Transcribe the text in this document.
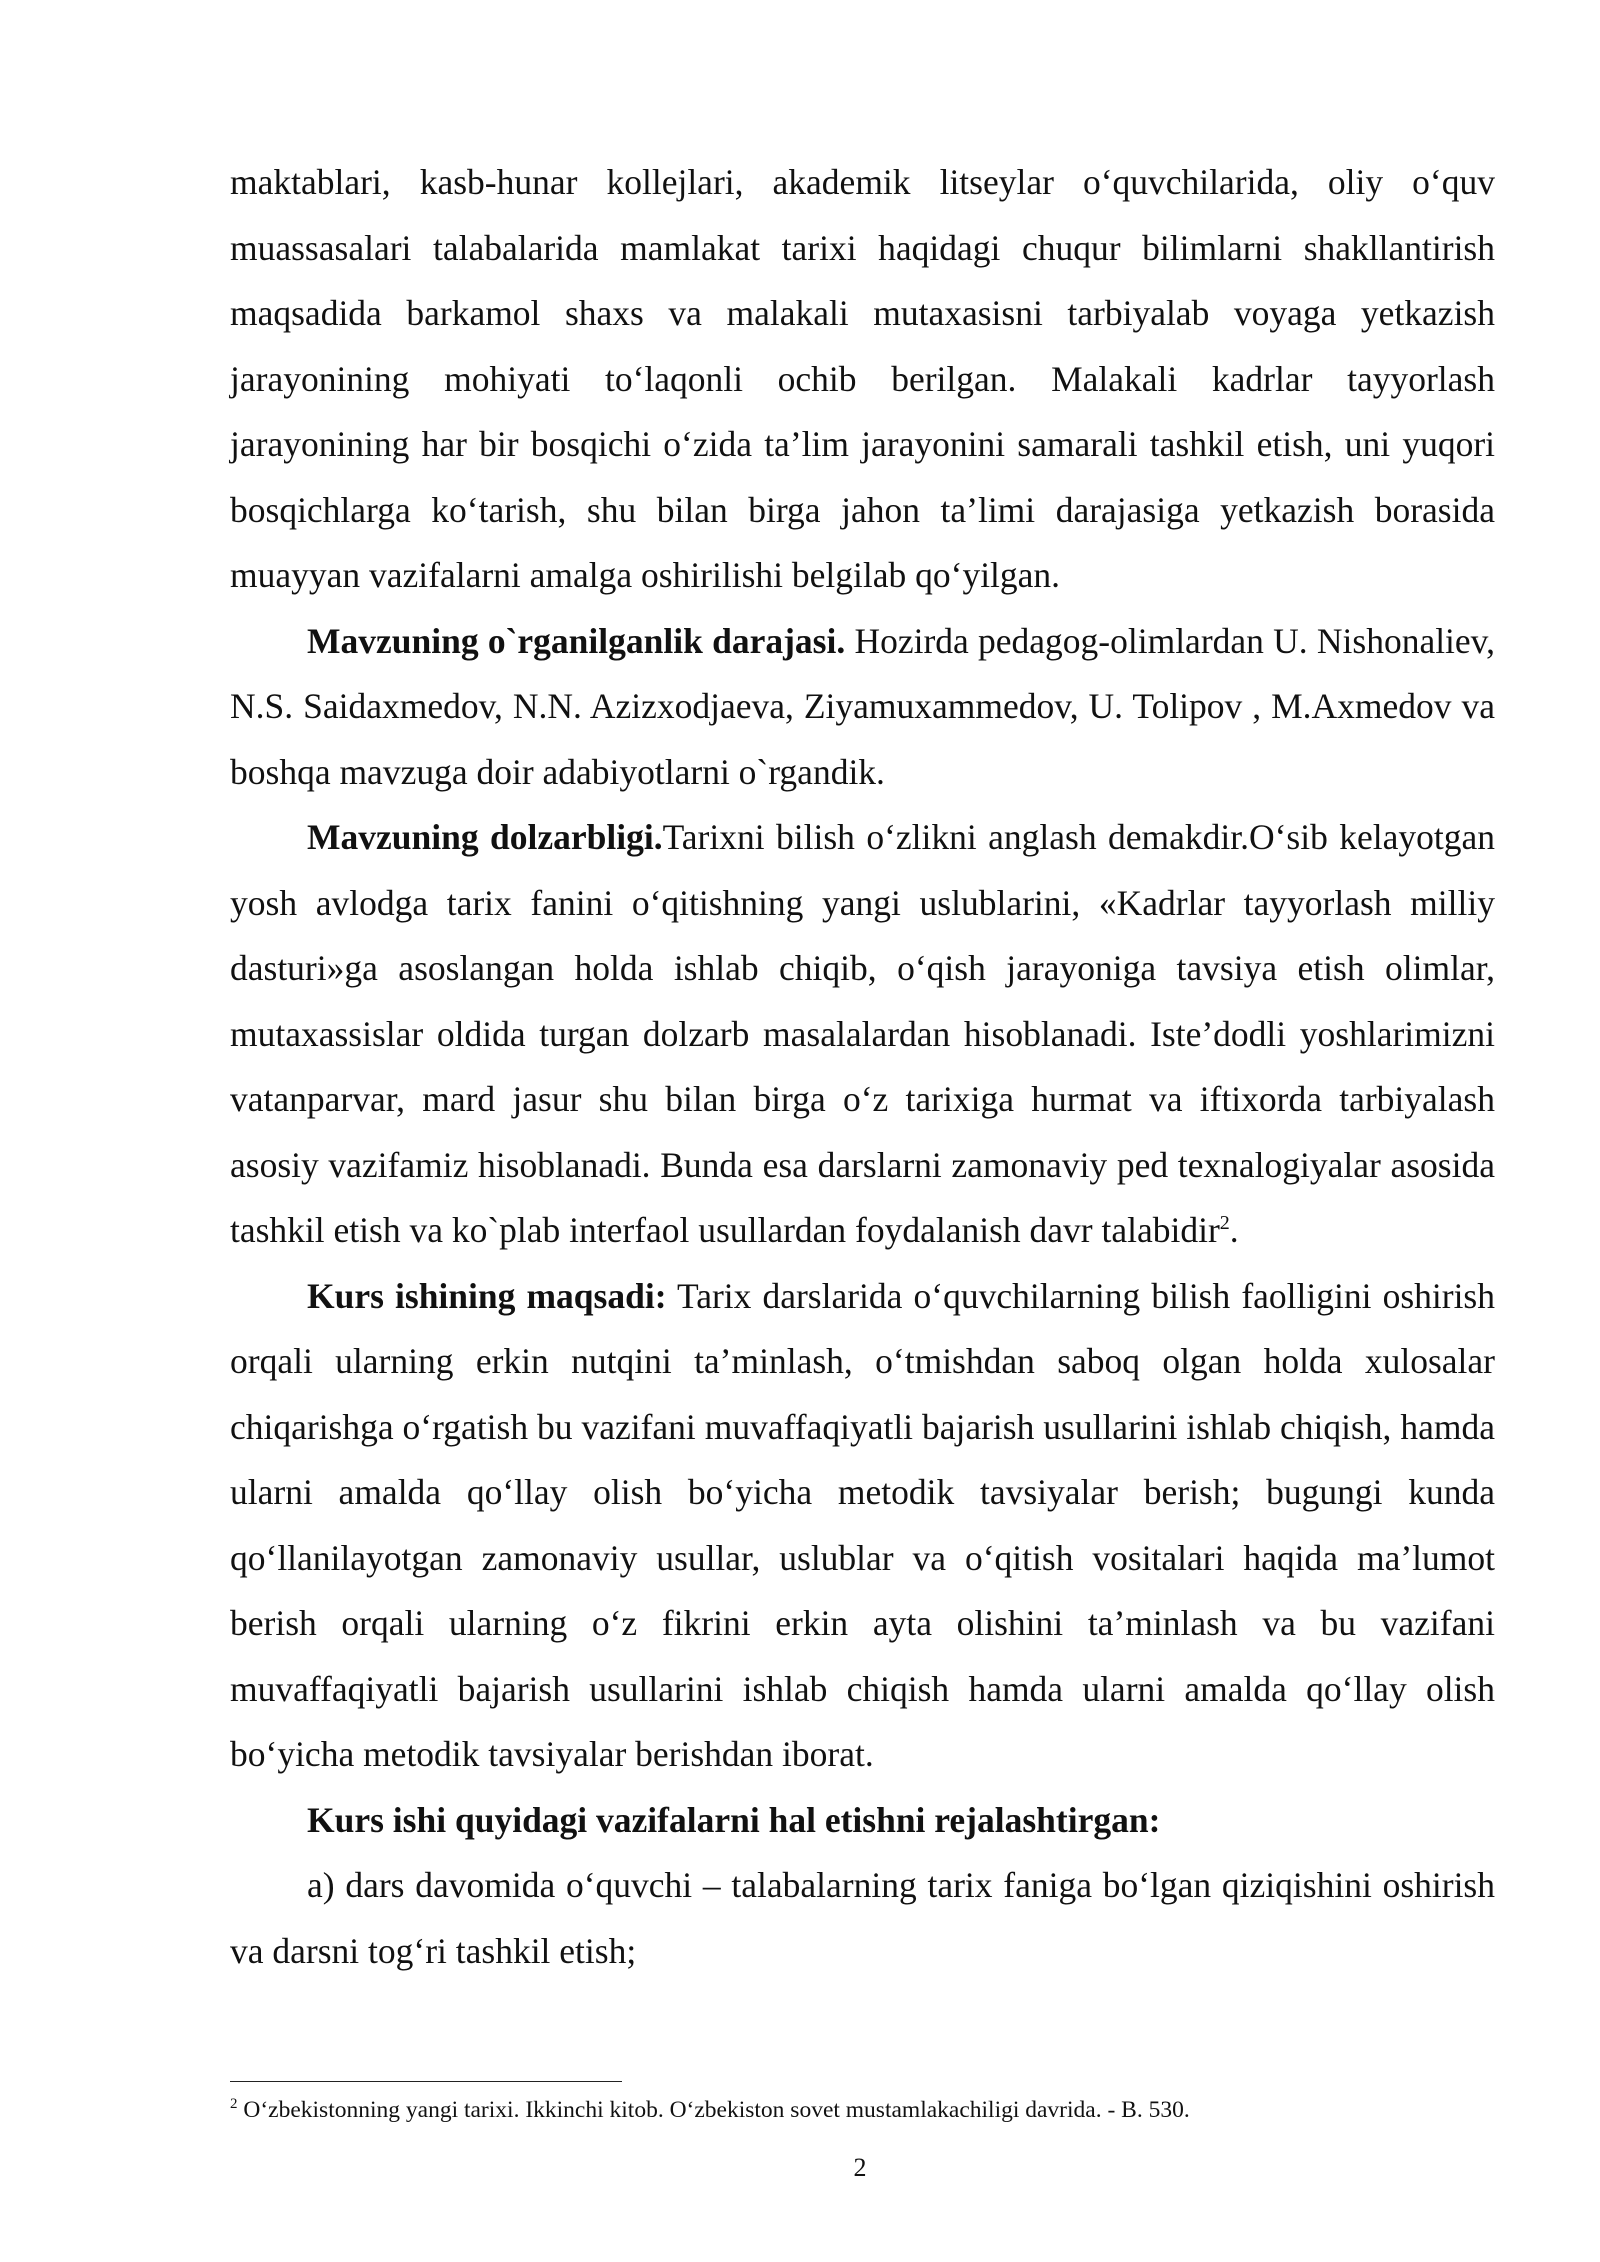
maktablari, kasb-hunar kollejlari, akademik litseylar o‘quvchilarida, oliy o‘quv muassasalari talabalarida mamlakat tarixi haqidagi chuqur bilimlarni shakllantirish maqsadida barkamol shaxs va malakali mutaxasisni tarbiyalab voyaga yetkazish jarayonining mohiyati to‘laqonli ochib berilgan. Malakali kadrlar tayyorlash jarayonining har bir bosqichi o‘zida ta’lim jarayonini samarali tashkil etish, uni yuqori bosqichlarga ko‘tarish, shu bilan birga jahon ta’limi darajasiga yetkazish borasida muayyan vazifalarni amalga oshirilishi belgilab qo‘yilgan.

Mavzuning o`rganilganlik darajasi. Hozirda pedagog-olimlardan U. Nishonaliev, N.S. Saidaxmedov, N.N. Azizxodjaeva, Ziyamuxammedov, U. Tolipov , M.Axmedov va boshqa mavzuga doir adabiyotlarni o`rgandik.

Mavzuning dolzarbligi.Tarixni bilish o‘zlikni anglash demakdir.O‘sib kelayotgan yosh avlodga tarix fanini o‘qitishning yangi uslublarini, «Kadrlar tayyorlash milliy dasturi»ga asoslangan holda ishlab chiqib, o‘qish jarayoniga tavsiya etish olimlar, mutaxassislar oldida turgan dolzarb masalalardan hisoblanadi. Iste’dodli yoshlarimizni vatanparvar, mard jasur shu bilan birga o‘z tarixiga hurmat va iftixorda tarbiyalash asosiy vazifamiz hisoblanadi. Bunda esa darslarni zamonaviy ped texnalogiyalar asosida tashkil etish va ko`plab interfaol usullardan foydalanish davr talabidir$^2$.

Kurs ishining maqsadi: Tarix darslarida o‘quvchilarning bilish faolligini oshirish orqali ularning erkin nutqini ta’minlash, o‘tmishdan saboq olgan holda xulosalar chiqarishga o‘rgatish bu vazifani muvaffaqiyatli bajarish usullarini ishlab chiqish, hamda ularni amalda qo‘llay olish bo‘yicha metodik tavsiyalar berish; bugungi kunda qo‘llanilayotgan zamonaviy usullar, uslublar va o‘qitish vositalari haqida ma’lumot berish orqali ularning o‘z fikrini erkin ayta olishini ta’minlash va bu vazifani muvaffaqiyatli bajarish usullarini ishlab chiqish hamda ularni amalda qo‘llay olish bo‘yicha metodik tavsiyalar berishdan iborat.

Kurs ishi quyidagi vazifalarni hal etishni rejalashtirgan:

a) dars davomida o‘quvchi – talabalarning tarix faniga bo‘lgan qiziqishini oshirish va darsni tog‘ri tashkil etish;

$^2$ O‘zbekistonning yangi tarixi. Ikkinchi kitob. O‘zbekiston sovet mustamlakachiligi davrida. - B. 530.

2
